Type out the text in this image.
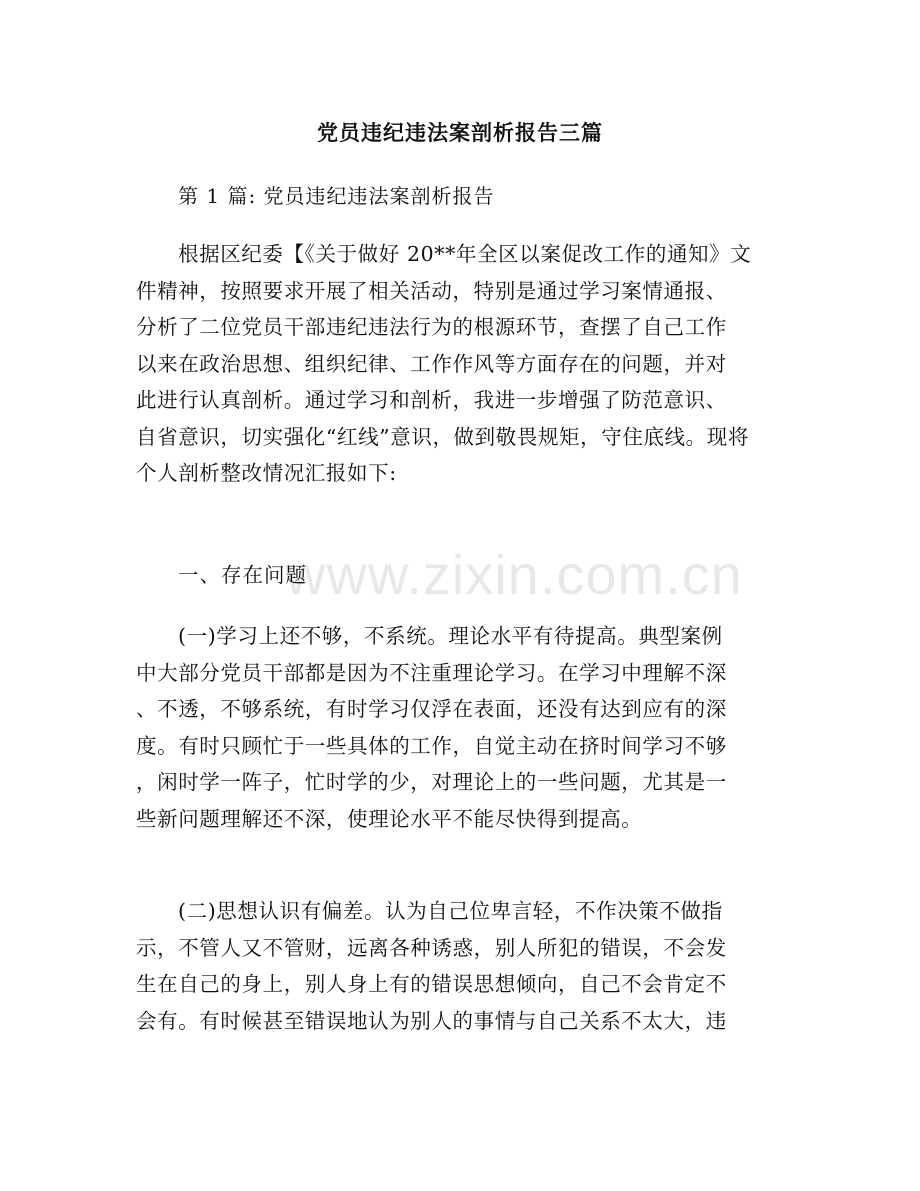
www.zixin.com.cn
党员违纪违法案剖析报告三篇
第 1 篇: 党员违纪违法案剖析报告
根据区纪委【《关于做好 20**年全区以案促改工作的通知》文
件精神，按照要求开展了相关活动，特别是通过学习案情通报、
分析了二位党员干部违纪违法行为的根源环节，查摆了自己工作
以来在政治思想、组织纪律、工作作风等方面存在的问题，并对
此进行认真剖析。通过学习和剖析，我进一步增强了防范意识、
自省意识，切实强化“红线”意识，做到敬畏规矩，守住底线。现将
个人剖析整改情况汇报如下:
一、存在问题
(一)学习上还不够，不系统。理论水平有待提高。典型案例
中大部分党员干部都是因为不注重理论学习。在学习中理解不深
、不透，不够系统，有时学习仅浮在表面，还没有达到应有的深
度。有时只顾忙于一些具体的工作，自觉主动在挤时间学习不够
，闲时学一阵子，忙时学的少，对理论上的一些问题，尤其是一
些新问题理解还不深，使理论水平不能尽快得到提高。
(二)思想认识有偏差。认为自己位卑言轻，不作决策不做指
示，不管人又不管财，远离各种诱惑，别人所犯的错误，不会发
生在自己的身上，别人身上有的错误思想倾向，自己不会肯定不
会有。有时候甚至错误地认为别人的事情与自己关系不太大，违
